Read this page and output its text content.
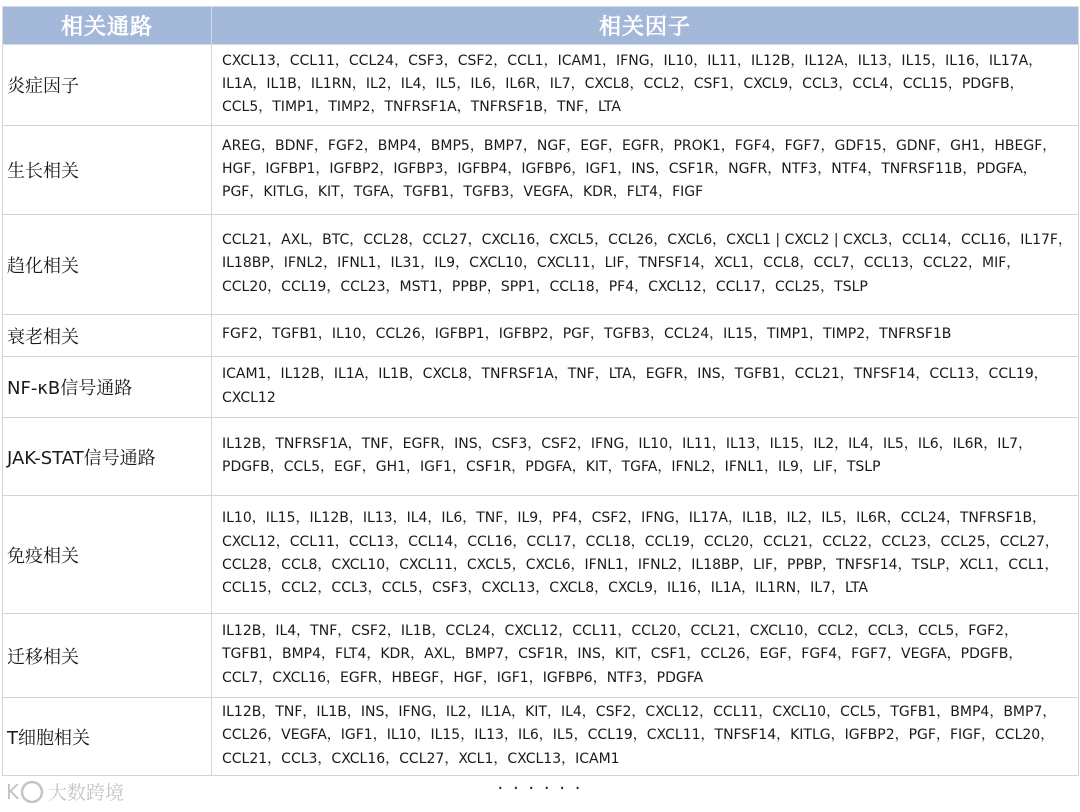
相关通路	相关因子
炎症因子	CXCL13，CCL11，CCL24，CSF3，CSF2，CCL1，ICAM1，IFNG，IL10，IL11，IL12B，IL12A，IL13，IL15，IL16，IL17A，IL1A，IL1B，IL1RN，IL2，IL4，IL5，IL6，IL6R，IL7，CXCL8，CCL2，CSF1，CXCL9，CCL3，CCL4，CCL15，PDGFB，CCL5，TIMP1，TIMP2，TNFRSF1A，TNFRSF1B，TNF，LTA
生长相关	AREG，BDNF，FGF2，BMP4，BMP5，BMP7，NGF，EGF，EGFR，PROK1，FGF4，FGF7，GDF15，GDNF，GH1，HBEGF，HGF，IGFBP1，IGFBP2，IGFBP3，IGFBP4，IGFBP6，IGF1，INS，CSF1R，NGFR，NTF3，NTF4，TNFRSF11B，PDGFA，PGF，KITLG，KIT，TGFA，TGFB1，TGFB3，VEGFA，KDR，FLT4，FIGF
趋化相关	CCL21，AXL，BTC，CCL28，CCL27，CXCL16，CXCL5，CCL26，CXCL6，CXCL1 | CXCL2 | CXCL3，CCL14，CCL16，IL17F，IL18BP，IFNL2，IFNL1，IL31，IL9，CXCL10，CXCL11，LIF，TNFSF14，XCL1，CCL8，CCL7，CCL13，CCL22，MIF，CCL20，CCL19，CCL23，MST1，PPBP，SPP1，CCL18，PF4，CXCL12，CCL17，CCL25，TSLP
衰老相关	FGF2，TGFB1，IL10，CCL26，IGFBP1，IGFBP2，PGF，TGFB3，CCL24，IL15，TIMP1，TIMP2，TNFRSF1B
NF-κB信号通路	ICAM1，IL12B，IL1A，IL1B，CXCL8，TNFRSF1A，TNF，LTA，EGFR，INS，TGFB1，CCL21，TNFSF14，CCL13，CCL19，CXCL12
JAK-STAT信号通路	IL12B，TNFRSF1A，TNF，EGFR，INS，CSF3，CSF2，IFNG，IL10，IL11，IL13，IL15，IL2，IL4，IL5，IL6，IL6R，IL7，PDGFB，CCL5，EGF，GH1，IGF1，CSF1R，PDGFA，KIT，TGFA，IFNL2，IFNL1，IL9，LIF，TSLP
免疫相关	IL10，IL15，IL12B，IL13，IL4，IL6，TNF，IL9，PF4，CSF2，IFNG，IL17A，IL1B，IL2，IL5，IL6R，CCL24，TNFRSF1B，CXCL12，CCL11，CCL13，CCL14，CCL16，CCL17，CCL18，CCL19，CCL20，CCL21，CCL22，CCL23，CCL25，CCL27，CCL28，CCL8，CXCL10，CXCL11，CXCL5，CXCL6，IFNL1，IFNL2，IL18BP，LIF，PPBP，TNFSF14，TSLP，XCL1，CCL1，CCL15，CCL2，CCL3，CCL5，CSF3，CXCL13，CXCL8，CXCL9，IL16，IL1A，IL1RN，IL7，LTA
迁移相关	IL12B，IL4，TNF，CSF2，IL1B，CCL24，CXCL12，CCL11，CCL20，CCL21，CXCL10，CCL2，CCL3，CCL5，FGF2，TGFB1，BMP4，FLT4，KDR，AXL，BMP7，CSF1R，INS，KIT，CSF1，CCL26，EGF，FGF4，FGF7，VEGFA，PDGFB，CCL7，CXCL16，EGFR，HBEGF，HGF，IGF1，IGFBP6，NTF3，PDGFA
T细胞相关	IL12B，TNF，IL1B，INS，IFNG，IL2，IL1A，KIT，IL4，CSF2，CXCL12，CCL11，CXCL10，CCL5，TGFB1，BMP4，BMP7，CCL26，VEGFA，IGF1，IL10，IL15，IL13，IL6，IL5，CCL19，CXCL11，TNFSF14，KITLG，IGFBP2，PGF，FIGF，CCL20，CCL21，CCL3，CXCL16，CCL27，XCL1，CXCL13，ICAM1
K 大数跨境	· · · · · ·
